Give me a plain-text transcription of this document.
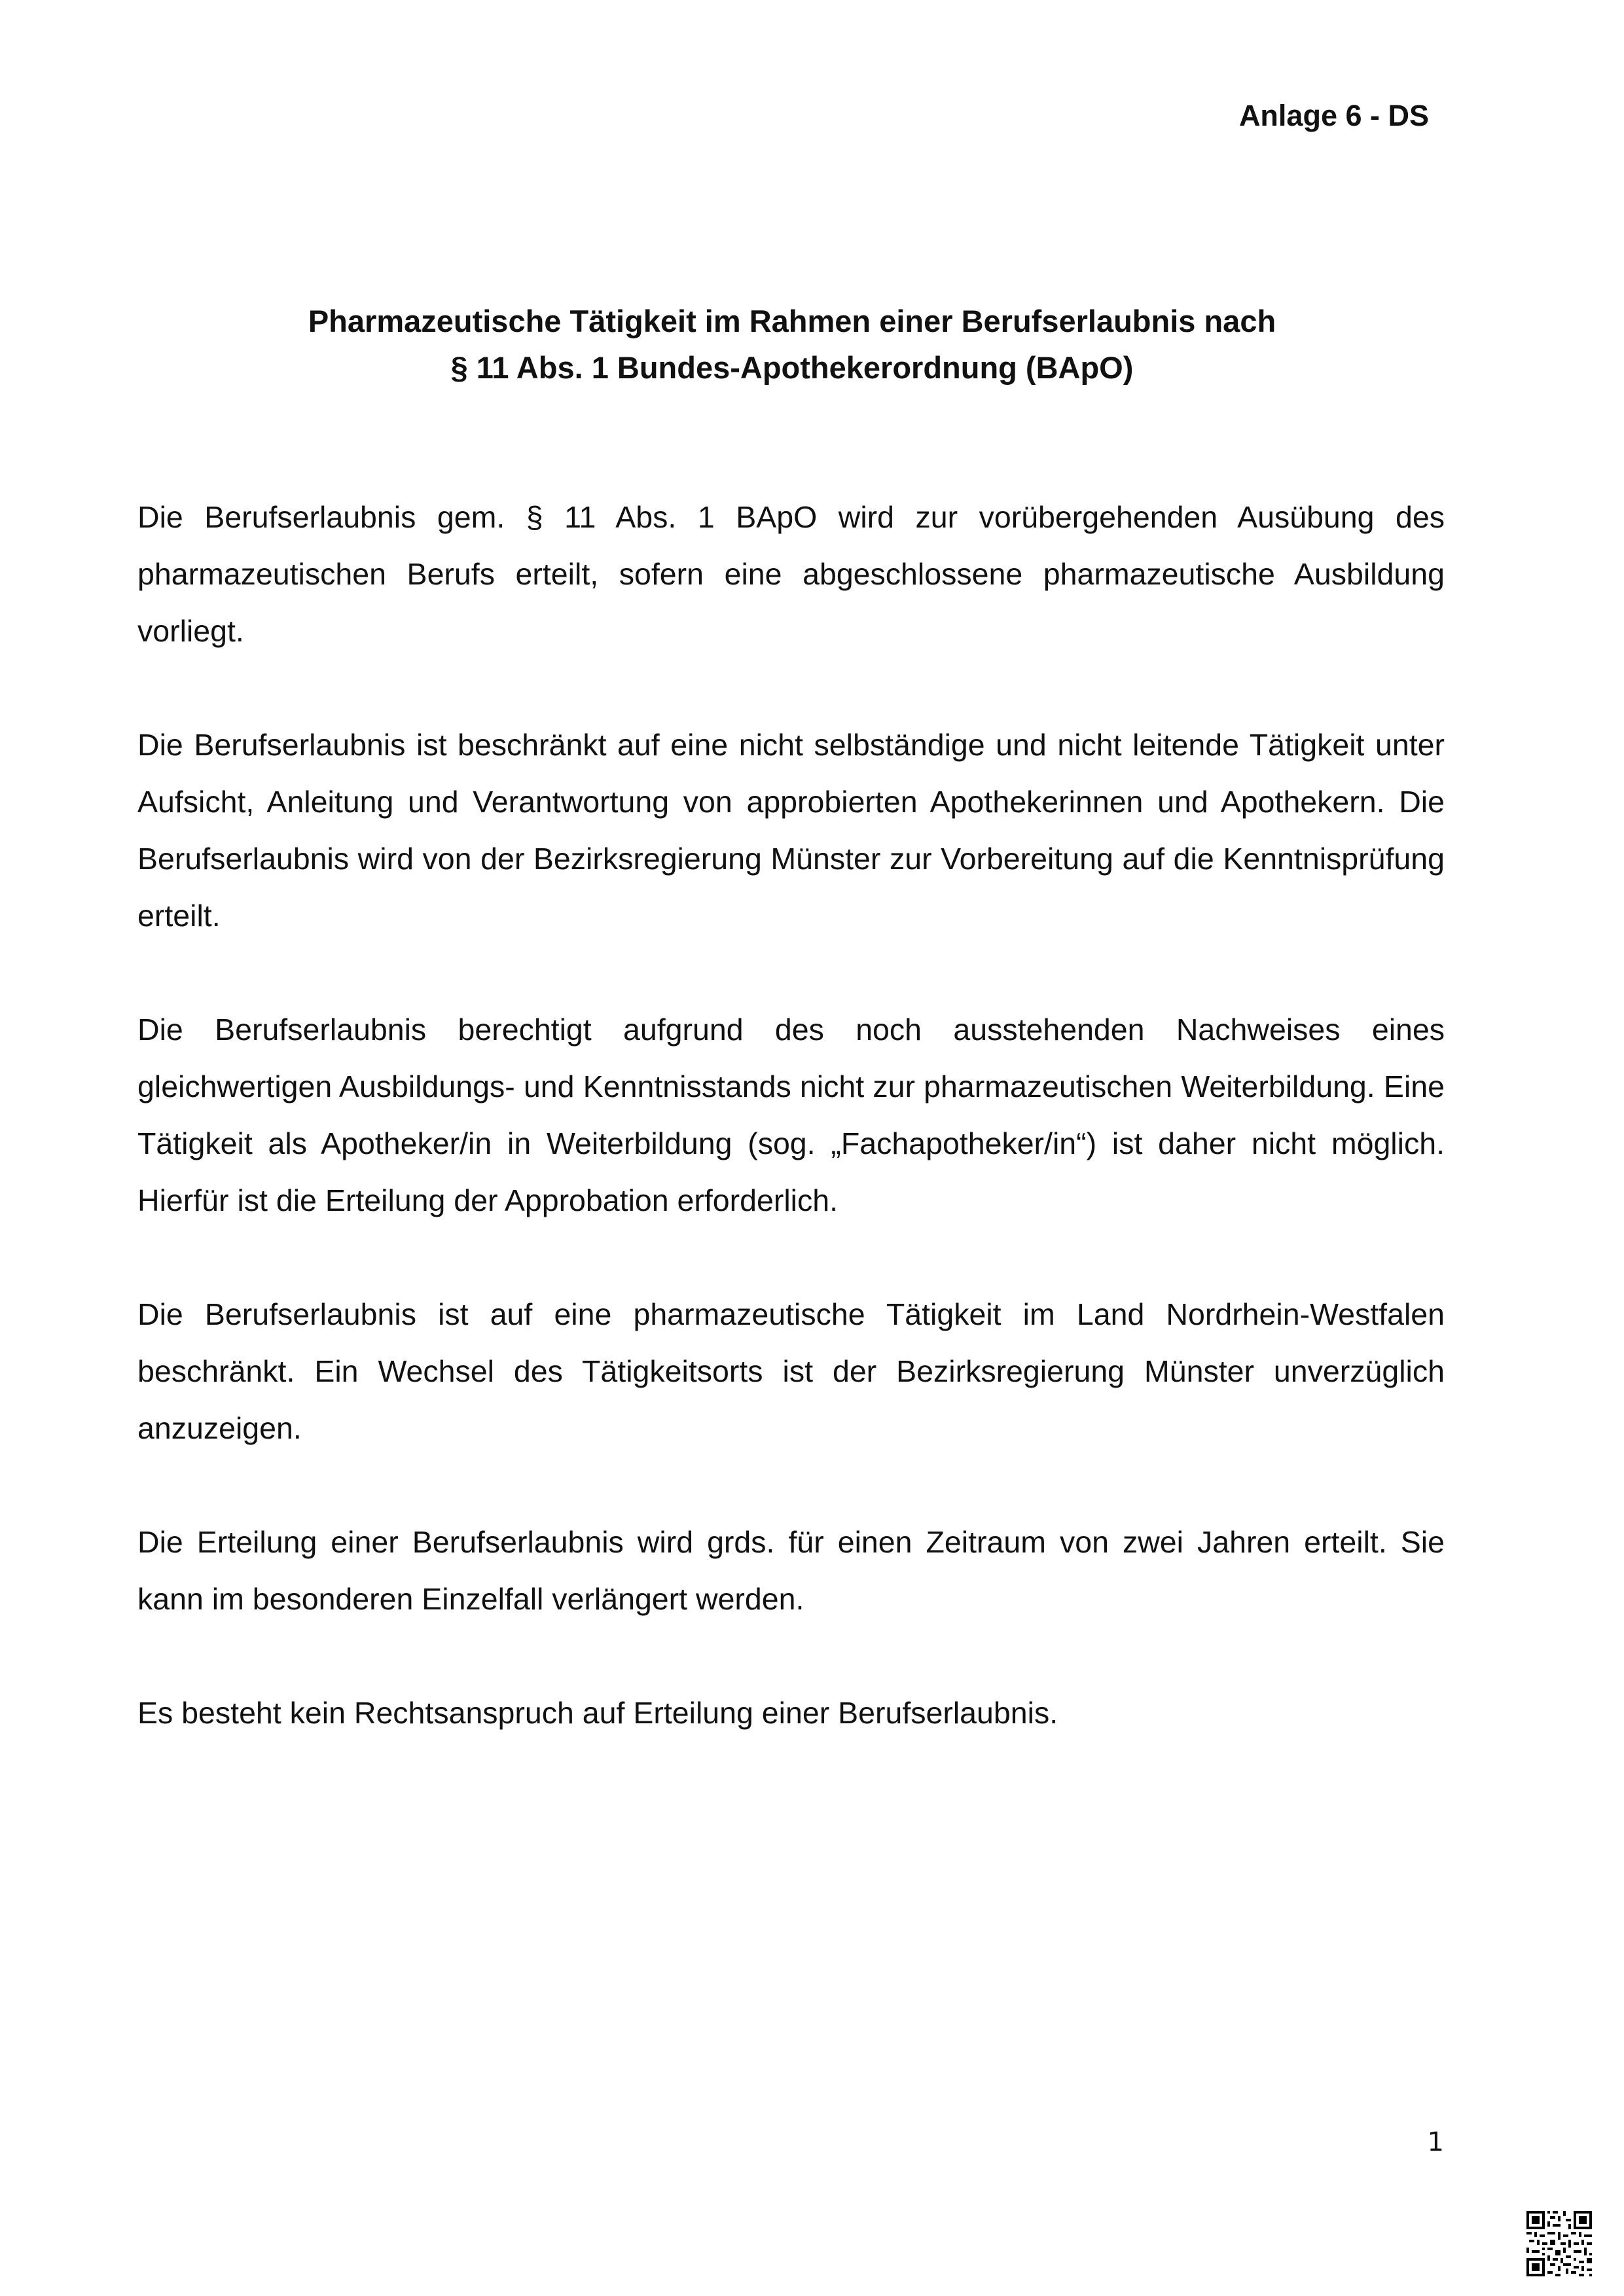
Anlage 6 - DS
Pharmazeutische Tätigkeit im Rahmen einer Berufserlaubnis nach
§ 11 Abs. 1 Bundes-Apothekerordnung (BApO)

Die Berufserlaubnis gem. § 11 Abs. 1 BApO wird zur vorübergehenden Ausübung des pharmazeutischen Berufs erteilt, sofern eine abgeschlossene pharmazeutische Ausbildung vorliegt.

Die Berufserlaubnis ist beschränkt auf eine nicht selbständige und nicht leitende Tätigkeit unter Aufsicht, Anleitung und Verantwortung von approbierten Apothekerinnen und Apothekern. Die Berufserlaubnis wird von der Bezirksregierung Münster zur Vorbereitung auf die Kenntnisprüfung erteilt.

Die Berufserlaubnis berechtigt aufgrund des noch ausstehenden Nachweises eines gleichwertigen Ausbildungs- und Kenntnisstands nicht zur pharmazeutischen Weiterbildung. Eine Tätigkeit als Apotheker/in in Weiterbildung (sog. „Fachapotheker/in“) ist daher nicht möglich. Hierfür ist die Erteilung der Approbation erforderlich.

Die Berufserlaubnis ist auf eine pharmazeutische Tätigkeit im Land Nordrhein-Westfalen beschränkt. Ein Wechsel des Tätigkeitsorts ist der Bezirksregierung Münster unverzüglich anzuzeigen.

Die Erteilung einer Berufserlaubnis wird grds. für einen Zeitraum von zwei Jahren erteilt. Sie kann im besonderen Einzelfall verlängert werden.

Es besteht kein Rechtsanspruch auf Erteilung einer Berufserlaubnis.

1
